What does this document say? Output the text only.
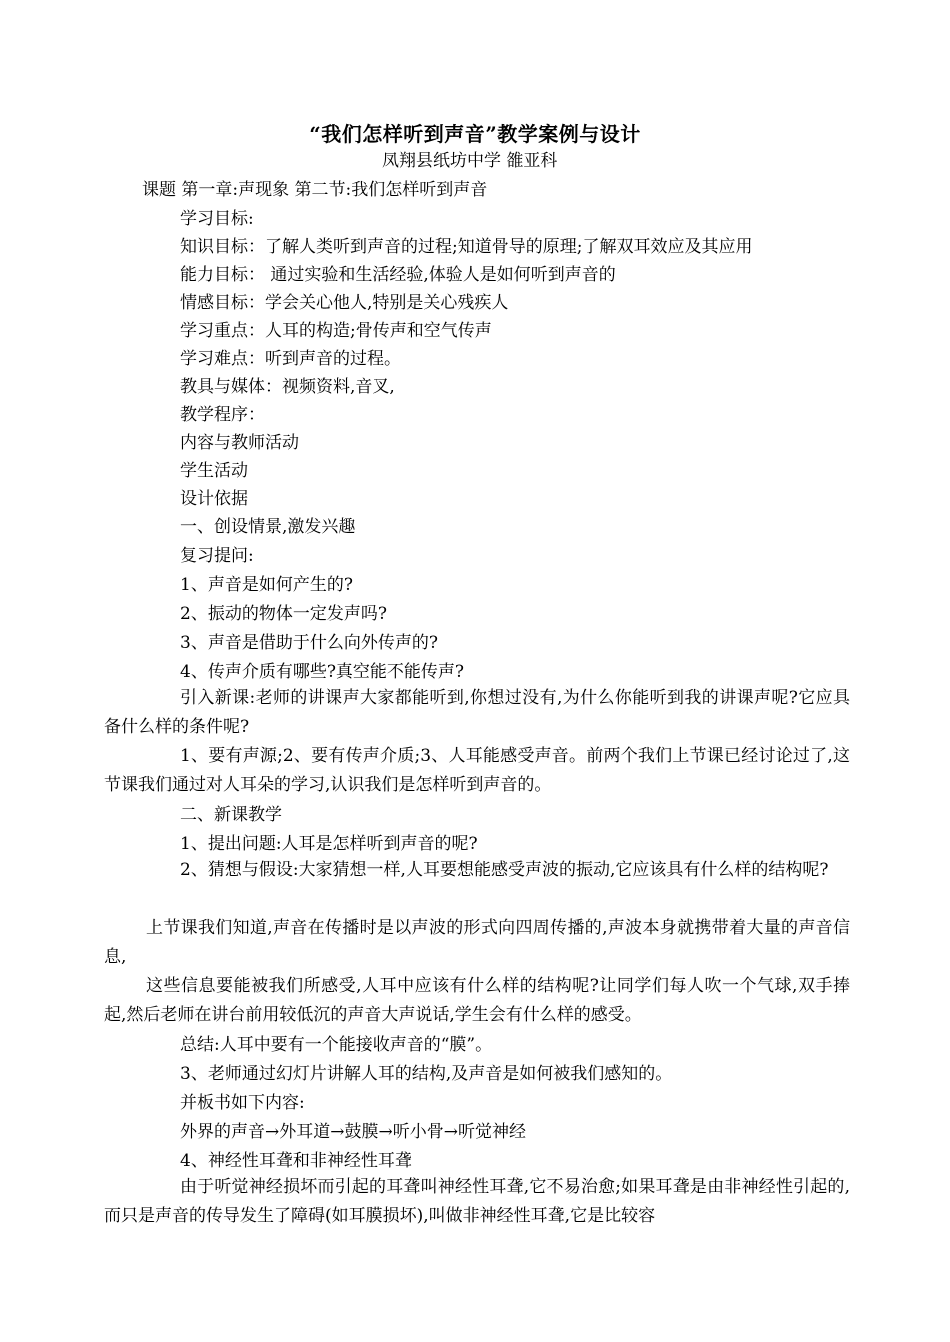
“我们怎样听到声音”教学案例与设计
凤翔县纸坊中学 雒亚科
课题 第一章:声现象 第二节:我们怎样听到声音
学习目标:
知识目标：了解人类听到声音的过程;知道骨导的原理;了解双耳效应及其应用
能力目标： 通过实验和生活经验,体验人是如何听到声音的
情感目标：学会关心他人,特别是关心残疾人
学习重点：人耳的构造;骨传声和空气传声
学习难点：听到声音的过程。
教具与媒体：视频资料,音叉,
教学程序：
内容与教师活动
学生活动
设计依据
一、创设情景,激发兴趣
复习提问:
1、声音是如何产生的?
2、振动的物体一定发声吗?
3、声音是借助于什么向外传声的?
4、传声介质有哪些?真空能不能传声?
引入新课:老师的讲课声大家都能听到,你想过没有,为什么你能听到我的讲课声呢?它应具备什么样的条件呢?
1、要有声源;2、要有传声介质;3、人耳能感受声音。前两个我们上节课已经讨论过了,这节课我们通过对人耳朵的学习,认识我们是怎样听到声音的。
二、新课教学
1、提出问题:人耳是怎样听到声音的呢?
2、猜想与假设:大家猜想一样,人耳要想能感受声波的振动,它应该具有什么样的结构呢?
上节课我们知道,声音在传播时是以声波的形式向四周传播的,声波本身就携带着大量的声音信息,
这些信息要能被我们所感受,人耳中应该有什么样的结构呢?让同学们每人吹一个气球,双手捧起,然后老师在讲台前用较低沉的声音大声说话,学生会有什么样的感受。
总结:人耳中要有一个能接收声音的“膜”。
3、老师通过幻灯片讲解人耳的结构,及声音是如何被我们感知的。
并板书如下内容:
外界的声音→外耳道→鼓膜→听小骨→听觉神经
4、神经性耳聋和非神经性耳聋
由于听觉神经损坏而引起的耳聋叫神经性耳聋,它不易治愈;如果耳聋是由非神经性引起的,而只是声音的传导发生了障碍(如耳膜损坏),叫做非神经性耳聋,它是比较容
